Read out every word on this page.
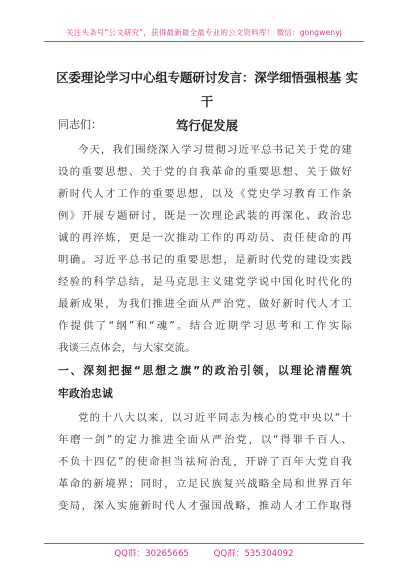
关注头条号“公文研究”，获得最新最全最专业的公文资料库！ 微信：gongwenyj
区委理论学习中心组专题研讨发言：深学细悟强根基 实干
笃行促发展
同志们：
今天，我们围绕深入学习贯彻习近平总书记关于党的建
设的重要思想、关于党的自我革命的重要思想、关于做好
新时代人才工作的重要思想，以及《党史学习教育工作条
例》开展专题研讨，既是一次理论武装的再深化、政治忠
诚的再淬炼，更是一次推动工作的再动员、责任使命的再
明确。习近平总书记的重要思想，是新时代党的建设实践
经验的科学总结，是马克思主义建党学说中国化时代化的
最新成果，为我们推进全面从严治党、做好新时代人才工
作提供了“纲”和“魂”。结合近期学习思考和工作实际
我谈三点体会，与大家交流。
一、深刻把握“思想之旗”的政治引领，以理论清醒筑
牢政治忠诚
党的十八大以来，以习近平同志为核心的党中央以“十
年磨一剑”的定力推进全面从严治党，以“得罪千百人、
不负十四亿”的使命担当祛疴治乱，开辟了百年大党自我
革命的新境界；同时，立足民族复兴战略全局和世界百年
变局，深入实施新时代人才强国战略，推动人才工作取得
QQ群：30265665	QQ群：535304092
